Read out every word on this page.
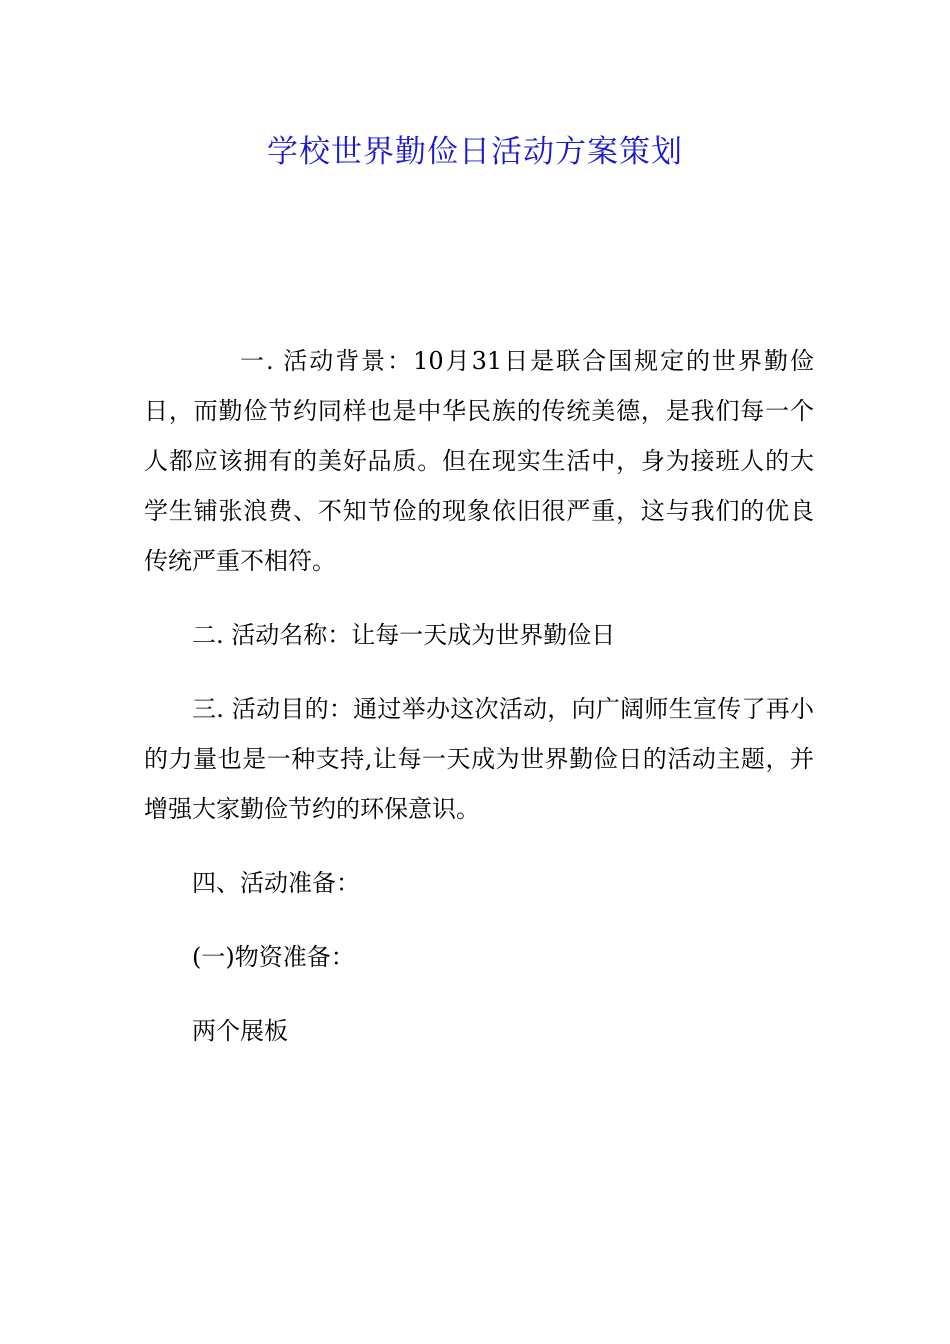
学校世界勤俭日活动方案策划

一. 活动背景：10月31日是联合国规定的世界勤俭日，而勤俭节约同样也是中华民族的传统美德，是我们每一个人都应该拥有的美好品质。但在现实生活中，身为接班人的大学生铺张浪费、不知节俭的现象依旧很严重，这与我们的优良传统严重不相符。

二. 活动名称：让每一天成为世界勤俭日

三. 活动目的：通过举办这次活动，向广阔师生宣传了再小的力量也是一种支持,让每一天成为世界勤俭日的活动主题，并增强大家勤俭节约的环保意识。

四、活动准备：

(一)物资准备：

两个展板
